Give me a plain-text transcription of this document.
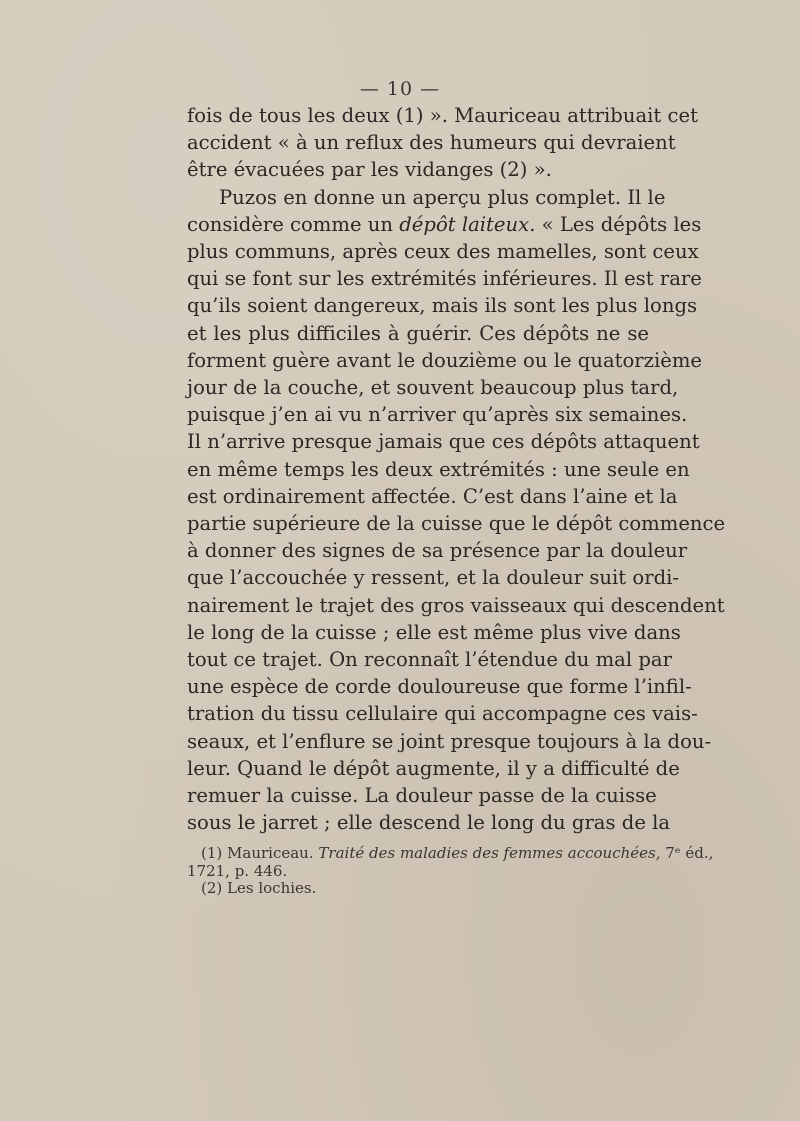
— 10 —
fois de tous les deux (1) ». Mauriceau attribuait cet
accident « à un reflux des humeurs qui devraient
être évacuées par les vidanges (2) ».
Puzos en donne un aperçu plus complet. Il le
considère comme un dépôt laiteux. « Les dépôts les
plus communs, après ceux des mamelles, sont ceux
qui se font sur les extrémités inférieures. Il est rare
qu’ils soient dangereux, mais ils sont les plus longs
et les plus difficiles à guérir. Ces dépôts ne se
forment guère avant le douzième ou le quatorzième
jour de la couche, et souvent beaucoup plus tard,
puisque j’en ai vu n’arriver qu’après six semaines.
Il n’arrive presque jamais que ces dépôts attaquent
en même temps les deux extrémités : une seule en
est ordinairement affectée. C’est dans l’aine et la
partie supérieure de la cuisse que le dépôt commence
à donner des signes de sa présence par la douleur
que l’accouchée y ressent, et la douleur suit ordi-
nairement le trajet des gros vaisseaux qui descendent
le long de la cuisse ; elle est même plus vive dans
tout ce trajet. On reconnaît l’étendue du mal par
une espèce de corde douloureuse que forme l’infil-
tration du tissu cellulaire qui accompagne ces vais-
seaux, et l’enflure se joint presque toujours à la dou-
leur. Quand le dépôt augmente, il y a difficulté de
remuer la cuisse. La douleur passe de la cuisse
sous le jarret ; elle descend le long du gras de la
(1) Mauriceau. Traité des maladies des femmes accouchées, 7ᵉ éd.,
1721, p. 446.
(2) Les lochies.
